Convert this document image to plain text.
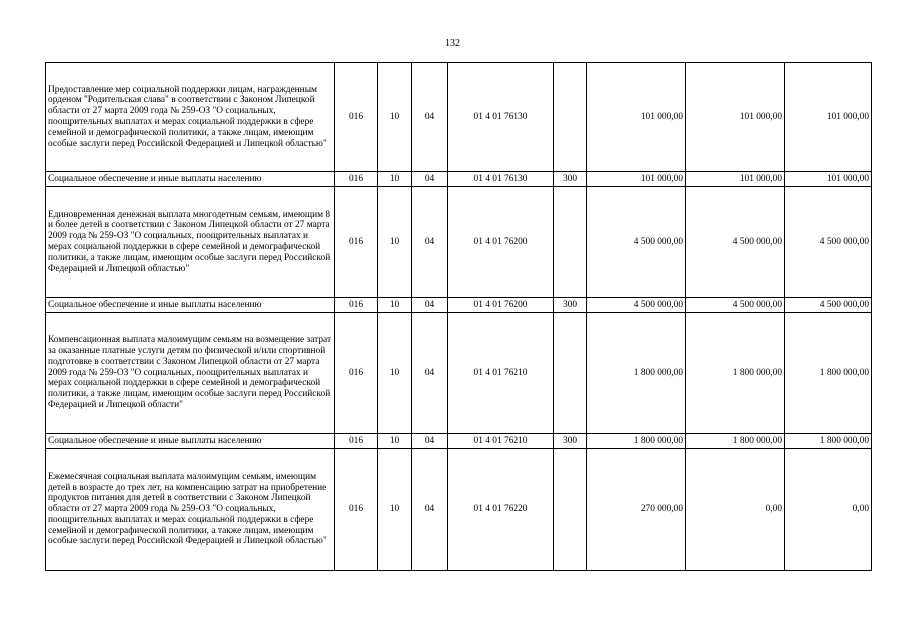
132
Предоставление мер социальной поддержки лицам, награжденным орденом "Родительская слава" в соответствии с Законом Липецкой области от 27 марта 2009 года № 259-ОЗ "О социальных, поощрительных выплатах и мерах социальной поддержки в сфере семейной и демографической политики, а также лицам, имеющим особые заслуги перед Российской Федерацией и Липецкой областью"	016	10	04	01 4 01 76130		101 000,00	101 000,00	101 000,00
Социальное обеспечение и иные выплаты населению	016	10	04	01 4 01 76130	300	101 000,00	101 000,00	101 000,00
Единовременная денежная выплата многодетным семьям, имеющим 8 и более детей в соответствии с Законом Липецкой области от 27 марта 2009 года № 259-ОЗ "О социальных, поощрительных выплатах и мерах социальной поддержки в сфере семейной и демографической политики, а также лицам, имеющим особые заслуги перед Российской Федерацией и Липецкой областью"	016	10	04	01 4 01 76200		4 500 000,00	4 500 000,00	4 500 000,00
Социальное обеспечение и иные выплаты населению	016	10	04	01 4 01 76200	300	4 500 000,00	4 500 000,00	4 500 000,00
Компенсационная выплата малоимущим семьям на возмещение затрат за оказанные платные услуги детям по физической и/или спортивной подготовке в соответствии с Законом Липецкой области от 27 марта 2009 года № 259-ОЗ "О социальных, поощрительных выплатах и мерах социальной поддержки в сфере семейной и демографической политики, а также лицам, имеющим особые заслуги перед Российской Федерацией и Липецкой области"	016	10	04	01 4 01 76210		1 800 000,00	1 800 000,00	1 800 000,00
Социальное обеспечение и иные выплаты населению	016	10	04	01 4 01 76210	300	1 800 000,00	1 800 000,00	1 800 000,00
Ежемесячная социальная выплата малоимущим семьям, имеющим детей в возрасте до трех лет, на компенсацию затрат на приобретение продуктов питания для детей в соответствии с Законом Липецкой области от 27 марта 2009 года № 259-ОЗ "О социальных, поощрительных выплатах и мерах социальной поддержки в сфере семейной и демографической политики, а также лицам, имеющим особые заслуги перед Российской Федерацией и Липецкой областью"	016	10	04	01 4 01 76220		270 000,00	0,00	0,00
